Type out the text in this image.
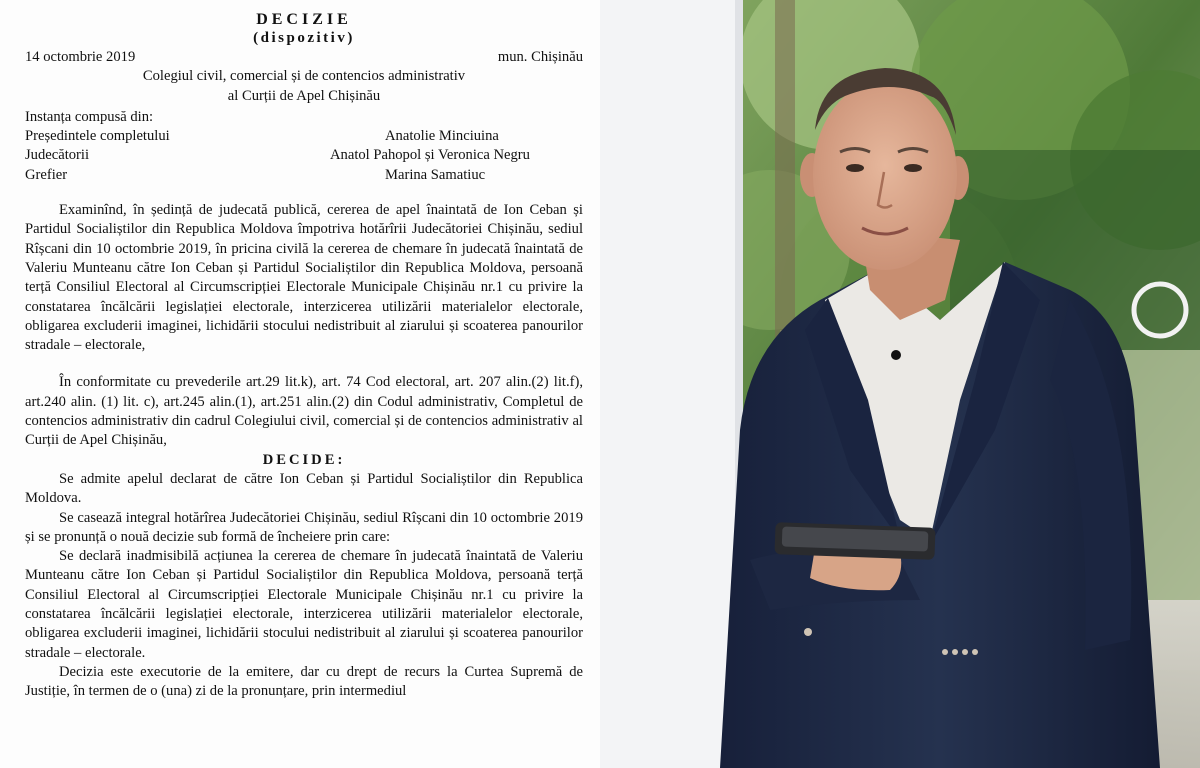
DECIZIE
(dispozitiv)
14 octombrie 2019	mun. Chișinău
Colegiul civil, comercial și de contencios administrativ
al Curții de Apel Chișinău
Instanța compusă din:
Președintele completului	Anatolie Minciuina
Judecătorii	Anatol Pahopol și Veronica Negru
Grefier	Marina Samatiuc

Examinînd, în ședință de judecată publică, cererea de apel înaintată de Ion Ceban și Partidul Socialiștilor din Republica Moldova împotriva hotărîrii Judecătoriei Chișinău, sediul Rîșcani din 10 octombrie 2019, în pricina civilă la cererea de chemare în judecată înaintată de Valeriu Munteanu către Ion Ceban și Partidul Socialiștilor din Republica Moldova, persoană terță Consiliul Electoral al Circumscripției Electorale Municipale Chișinău nr.1 cu privire la constatarea încălcării legislației electorale, interzicerea utilizării materialelor electorale, obligarea excluderii imaginei, lichidării stocului nedistribuit al ziarului și scoaterea panourilor stradale – electorale,

În conformitate cu prevederile art.29 lit.k), art. 74 Cod electoral, art. 207 alin.(2) lit.f), art.240 alin. (1) lit. c), art.245 alin.(1), art.251 alin.(2) din Codul administrativ, Completul de contencios administrativ din cadrul Colegiului civil, comercial și de contencios administrativ al Curții de Apel Chișinău,

DECIDE:

Se admite apelul declarat de către Ion Ceban și Partidul Socialiștilor din Republica Moldova.

Se casează integral hotărîrea Judecătoriei Chișinău, sediul Rîșcani din 10 octombrie 2019 și se pronunță o nouă decizie sub formă de încheiere prin care:

Se declară inadmisibilă acțiunea la cererea de chemare în judecată înaintată de Valeriu Munteanu către Ion Ceban și Partidul Socialiștilor din Republica Moldova, persoană terță Consiliul Electoral al Circumscripției Electorale Municipale Chișinău nr.1 cu privire la constatarea încălcării legislației electorale, interzicerea utilizării materialelor electorale, obligarea excluderii imaginei, lichidării stocului nedistribuit al ziarului și scoaterea panourilor stradale – electorale.

Decizia este executorie de la emitere, dar cu drept de recurs la Curtea Supremă de Justiție, în termen de o (una) zi de la pronunțare, prin intermediul
